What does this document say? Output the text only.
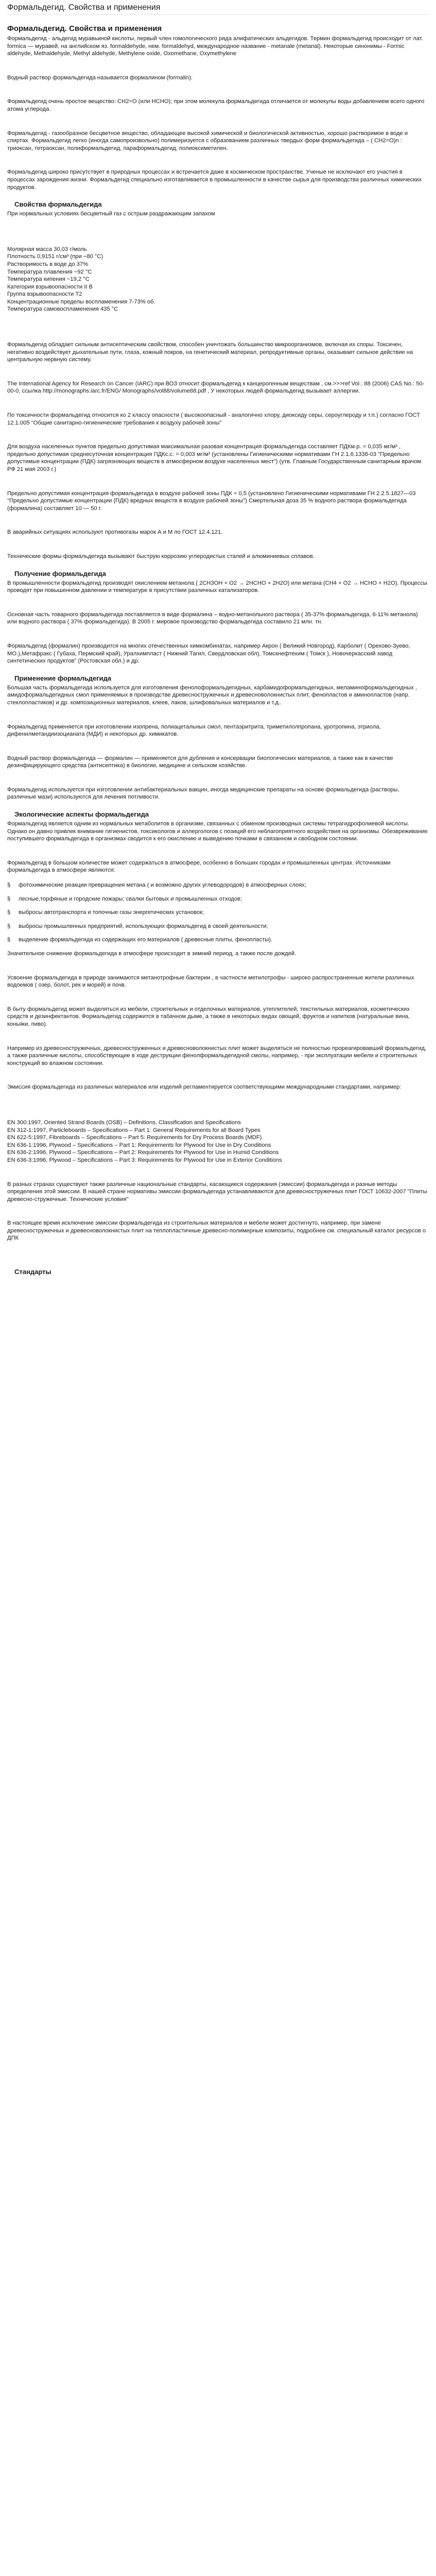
Формальдегид. Свойства и применения
Формальдегид. Свойства и применения

Формальдегид - альдегид муравьиной кислоты, первый член гомологического ряда алифатических альдегидов. Термин формальдегид происходит от лат. formica — муравей, на английском яз. formaldehyde, нем. formaldehyd, международное название - metanale (metanal). Некоторые синонимы - Formic aldehyde, Methaldehyde, Methyl aldehyde, Methylene oxide, Oxomethane, Oxymethylene

Водный раствор формальдегида называется формалином (formalin).

Формальдегид очень простое вещество: CH2=O (или HCHO); при этом молекула формальдегида отличается от молекулы воды добавлением всего одного атома углерода.

Формальдегид - газообразное бесцветное вещество, обладающее высокой химической и биологической активностью, хорошо растворимое в воде и спиртах. Формальдегид легко (иногда самопроизвольно) полимеризуется с образованием различных твердых форм формальдегида – ( CH2=O)n : триоксан, тетраоксан, полиформальдегид, параформальдегид, полиоксиметилен.

Формальдегид широко присутствует в природных процессах и встречается даже в космическом пространстве. Ученые не исключают его участия в процессах зарождения жизни. Формальдегид специально изготавливается в промышленности в качестве сырья для производства различных химических продуктов.

Свойства формальдегида

При нормальных условиях бесцветный газ с острым раздражающим запахом

Молярная масса 30,03 г/моль
Плотность 0,9151 г/см³ (при −80 °C)
Растворимость в воде до 37%
Температура плавления −92 °C
Температура кипения −19,2 °C
Категория взрывоопасности II В
Группа взрывоопасности Т2
Концентрационные пределы воспламенения 7-73% об.
Температура самовоспламенения 435 °C

Формальдегид обладает сильным антисептическим свойством, способен уничтожать большинство микроорганизмов, включая их споры. Токсичен, негативно воздействует дыхательные пути, глаза, кожный покров, на генетический материал, репродуктивные органы, оказывает сильное действие на центральную нервную систему.

The International Agency for Research on Cancer (IARC) при ВОЗ относит формальдегид к канцерогенным веществам , см.>>>ref Vol.: 88 (2006) CAS No.: 50-00-0, ссылка http://monographs.iarc.fr/ENG/ Monographs/vol88/volume88.pdf , У некоторых людей формальдегид вызывает аллергии.

По токсичности формальдегид относится ко 2 классу опасности ( высокоопасный - аналогично хлору, диоксиду серы, сероуглероду и т.п.) согласно ГОСТ 12.1.005 "Общие санитарно-гигиенические требования к воздуху рабочей зоны"

Для воздуха населенных пунктов предельно допустимая максимальная разовая концентрация формальдегида составляет ПДКм.р. = 0,035 мг/м³ , предельно допустимая среднесуточная концентрация ПДКс.с. = 0,003 мг/м³ (установлены Гигиеническими нормативами ГН 2.1.6.1338-03 "Предельно допустимые концентрации (ПДК) загрязняющих веществ в атмосферном воздухе населенных мест") (утв. Главным Государственным санитарным врачом РФ 21 мая 2003 г.)

Предельно допустимая концентрация формальдегида в воздухе рабочей зоны ПДК = 0,5 (установлено Гигиеническими нормативами ГН 2.2.5.1827—03 "Предельно допустимые концентрации (ПДК) вредных веществ в воздухе рабочей зоны") Смертельная доза 35 % водного раствора формальдегида (формалина) составляет 10 — 50 г.

В аварийных ситуациях используют противогазы марок А и М по ГОСТ 12.4.121.

Технические формы формальдегида вызывают быструю коррозию углеродистых сталей и алюминиевых сплавов.

Получение формальдегида

В промышленности формальдегид производят окислением метанола ( 2CH3OH + O2 → 2HCHO + 2H2O) или метана (CH4 + O2 → HCHO + H2O). Процессы проводят при повышенном давлении и температуре в присутствии различных катализаторов.

Основная часть товарного формальдегида поставляется в виде формалина – водно-метанольного раствора ( 35-37% формальдегида, 6-11% метанола) или водного раствора ( 37% формальдегида). В 2005 г. мировое производство формальдегида составило 21 млн. тн.

Формальдегид (формалин) производится на многих отечественных химкомбинатах, например Акрон ( Великий Новгород), Карболит ( Орехово-Зуево, МО.),Метафракс ( Губаха, Пермский край), Уралхимпласт ( Нижний Тагил, Свердловская обл), Томскнефтехим ( Томск ), Новочеркасский завод синтетических продуктов" (Ростовская обл.) и др.

Применение формальдегида

Большая часть формальдегида используется для изготовления фенолоформальдегидных, карбамидоформальдегидных, меламиноформальдегидных , амидоформальдегидных смол применяемых в производстве древесностружечных и древесноволокнистых плит, фенопластов и аминопластов (напр. стеклопластиков) и др. композиционных материалов, клеев, лаков, шлифовальных материалов и т.д..

Формальдегид применяется при изготовлении изопрена, полиацетальных смол, пентаэритрита, триметилолпропана, уротропина, этриола, дифенилметандиизоцианата (МДИ) и некоторых др. химикатов.

Водный раствор формальдегида — формалин — применяется для дубления и консервации биологических материалов, а также как в качестве дезинфицирующего средства (антисептика) в биологии, медицине и сельском хозяйстве.

Формальдегид используется при изготовлении антибактериальных вакцин, иногда медицинские препараты на основе формальдегида (растворы, различные мази) используются для лечения потливости.

Экологические аспекты формальдегида

Формальдегид является одним из нормальных метаболитов в организме, связанных с обменом производных системы тетрагидрофолиевой кислоты. Однако он давно привлек внимание гигиенистов, токсикологов и аллергологов с позиций его неблагоприятного воздействия на организмы. Обезвреживание поступившего формальдегида в организмах сводится к его окислению и выведению почками в связанном и свободном состоянии.

Формальдегид в большом количестве может содержаться в атмосфере, особенно в больших городах и промышленных центрах. Источниками формальдегида в атмосфере являются:

§ фотохимические реакции превращения метана ( и возможно других углеводородов) в атмосферных слоях;
§ лесные,торфяные и городские пожары; свалки бытовых и промышленных отходов;
§ выбросы автотранспорта и топочные газы энергетических установок;
§ выбросы промышленных предприятий, использующих формальдегид в своей деятельности;
§ выделение формальдегида из содержащих его материалов ( древесные плиты, фенопласты).

Значительное снижение формальдегида в атмосфере происходит в зимний период, а также после дождей.

Усвоение формальдегида в природе занимаются метанотрофные бактерии , в частности метилотрофы - широко распространенные жители различных водоемов ( озер, болот, рек и морей) и почв.

В быту формальдегид может выделяться из мебели, строительных и отделочных материалов, утеплителей, текстильных материалов, косметических средств и дезинфектантов. Формальдегид содержится в табачном дыме, а также в некоторых видах овощей, фруктов и напитков (натуральные вина, коньяки, пиво).

Например из древесностружечных, древесноструженных и древесноволокнистых плит может выделяться не полностью прореагировавший формальдегид, а также различные кислоты, способствующие в ходе деструкции фенолформальдегидной смолы, например, - при эксплуатации мебели и строительных конструкций во влажном состоянии.

Эмиссия формальдегида из различных материалов или изделий регламентируется соответствующими международными стандартами, например:

EN 300:1997, Oriented Strand Boards (OSB) – Definitions, Classification and Specifications
EN 312-1:1997, Particleboards – Specifications – Part 1: General Requirements for all Board Types
EN 622-5:1997, Fibreboards – Specifications – Part 5: Requirements for Dry Process Boards (MDF)
EN 636-1:1996, Plywood – Specifications – Part 1: Requirements for Plywood for Use in Dry Conditions
EN 636-2:1996, Plywood – Specifications – Part 2: Requirements for Plywood for Use in Humid Conditions
EN 636-3:1996, Plywood – Specifications – Part 3: Requirements for Plywood for Use in Exterior Conditions

В разных странах существуют также различные национальные стандарты, касающиеся содержания (эмиссии) формальдегида и разные методы определения этой эмиссии. В нашей стране нормативы эмиссии формальдегида устанавливаются для древесностружечных плит ГОСТ 10632-2007 "Плиты древесно-стружечные. Технические условия"

В настоящее время исключение эмиссии формальдегида из строительных материалов и мебели может достигнуто, например, при замене древесностружечных и древесноволокнистых плит на теплопластичные древесно-полимерные композиты, подробнее см. специальный каталог ресурсов о ДПК

Стандарты
